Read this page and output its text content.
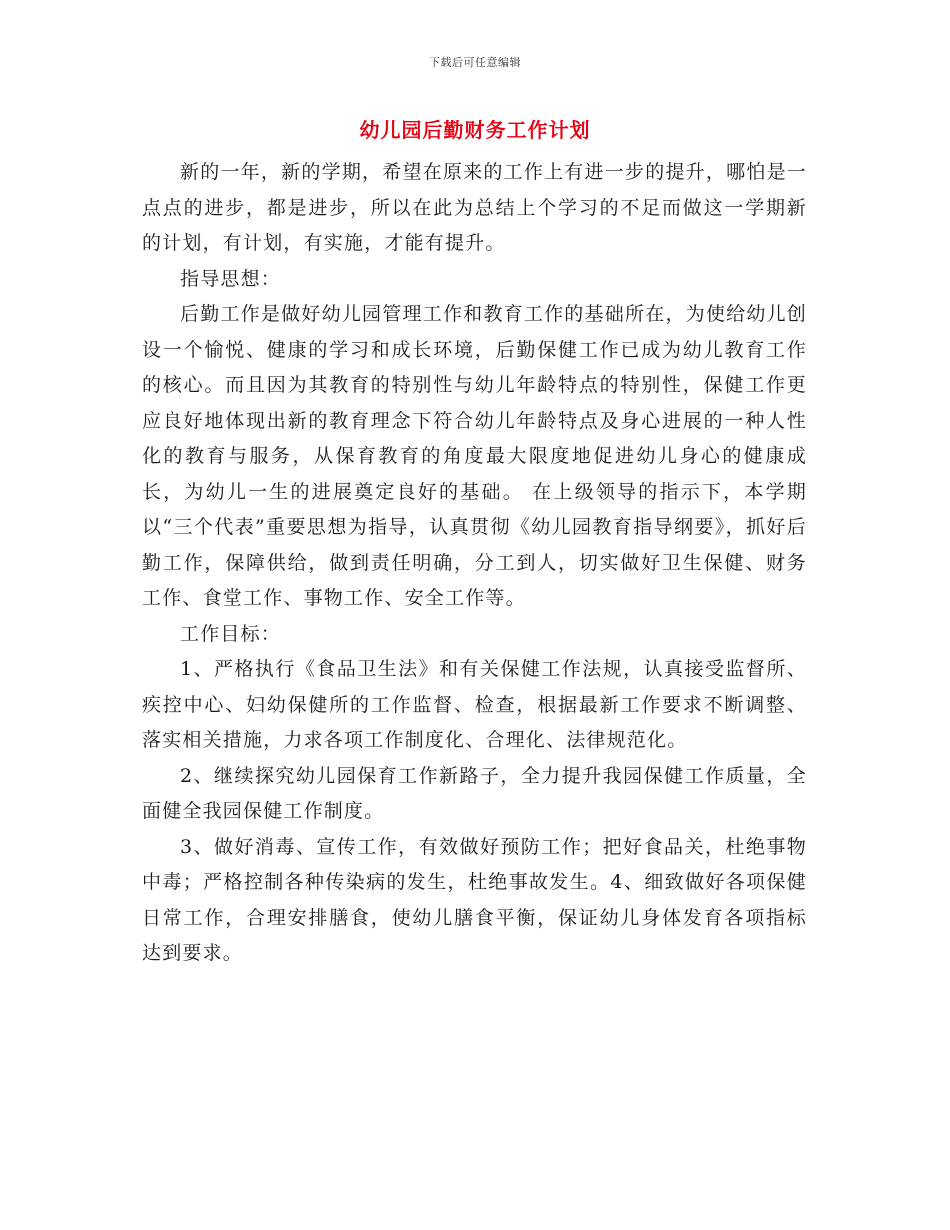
下载后可任意编辑
幼儿园后勤财务工作计划

新的一年，新的学期，希望在原来的工作上有进一步的提升，哪怕是一点点的进步，都是进步，所以在此为总结上个学习的不足而做这一学期新的计划，有计划，有实施，才能有提升。

指导思想：

后勤工作是做好幼儿园管理工作和教育工作的基础所在，为使给幼儿创设一个愉悦、健康的学习和成长环境，后勤保健工作已成为幼儿教育工作的核心。而且因为其教育的特别性与幼儿年龄特点的特别性，保健工作更应良好地体现出新的教育理念下符合幼儿年龄特点及身心进展的一种人性化的教育与服务，从保育教育的角度最大限度地促进幼儿身心的健康成长，为幼儿一生的进展奠定良好的基础。 在上级领导的指示下，本学期以“三个代表”重要思想为指导，认真贯彻《幼儿园教育指导纲要》，抓好后勤工作，保障供给，做到责任明确，分工到人，切实做好卫生保健、财务工作、食堂工作、事物工作、安全工作等。

工作目标：

1、严格执行《食品卫生法》和有关保健工作法规，认真接受监督所、疾控中心、妇幼保健所的工作监督、检查，根据最新工作要求不断调整、落实相关措施，力求各项工作制度化、合理化、法律规范化。

2、继续探究幼儿园保育工作新路子，全力提升我园保健工作质量，全面健全我园保健工作制度。

3、做好消毒、宣传工作，有效做好预防工作；把好食品关，杜绝事物中毒；严格控制各种传染病的发生，杜绝事故发生。4、细致做好各项保健日常工作，合理安排膳食，使幼儿膳食平衡，保证幼儿身体发育各项指标达到要求。
